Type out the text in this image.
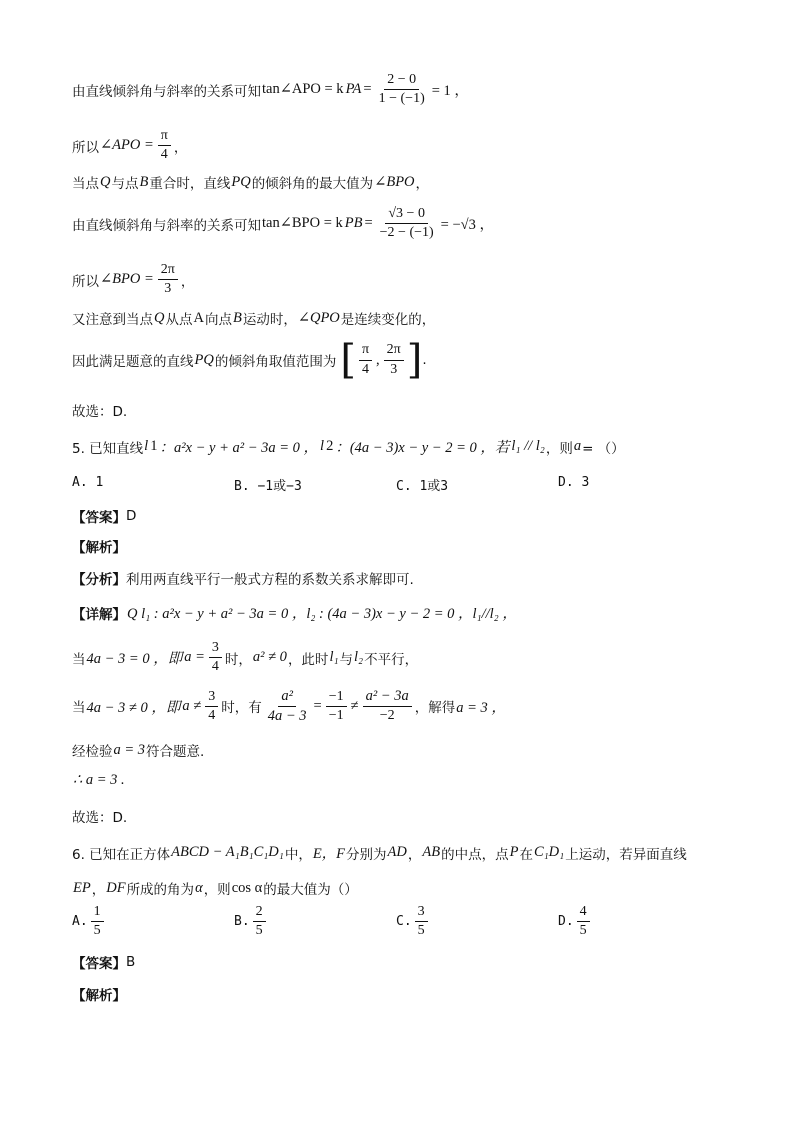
由直线倾斜角与斜率的关系可知 tan∠APO = k PA = $\frac{2 - 0}{1 - (-1)} = 1$ ，
所以 ∠APO = $\frac{\pi}{4}$ ，
当点 Q 与点 B 重合时，直线 PQ 的倾斜角的最大值为 ∠BPO ，
由直线倾斜角与斜率的关系可知 tan∠BPO = k PB = $\frac{√3 - 0}{-2 - (-1)} = -√3$ ，
所以 ∠BPO = $\frac{2\pi}{3}$ ，
又注意到当点 Q 从点 A 向点 B 运动时， ∠QPO 是连续变化的，
因此满足题意的直线 PQ 的倾斜角取值范围为 [ $\frac{\pi}{4}$ , $\frac{2\pi}{3}$ ] .
故选：D.
5. 已知直线 l 1 ：a²x − y + a² − 3a = 0 ， l 2 ：(4a − 3)x − y − 2 = 0 ，若 l₁ // l₂ ，则 a = （）
A. 1	B. −1或−3	C. 1或3	D. 3
【答案】 D
【解析】
【分析】 利用两直线平行一般式方程的系数关系求解即可.
【详解】 Q l₁ : a²x − y + a² − 3a = 0 ，l₂ : (4a − 3)x − y − 2 = 0 ，l₁//l₂ ，
当 4a − 3 = 0 ，即 $a = \frac{3}{4}$ 时， a² ≠ 0 ，此时 l₁ 与 l₂ 不平行，
当 4a − 3 ≠ 0 ，即 $a \ne \frac{3}{4}$ 时，有 $\frac{\text{a²}}{4a - 3} = \frac{-1}{-1} \ne \frac{\text{a² − 3a}}{-2}$ ，解得 a = 3 ，
经检验 a = 3 符合题意.
∴ a = 3 .
故选：D.
6. 已知在正方体 ABCD − A₁B₁C₁D₁ 中， E，F 分别为 AD ， AB 的中点，点 P 在 C₁D₁ 上运动，若异面直线
EP ， DF 所成的角为 α ，则 cos α 的最大值为（）
A. $\frac{1}{5}$	B. $\frac{2}{5}$	C. $\frac{3}{5}$	D. $\frac{4}{5}$
【答案】 B
【解析】
